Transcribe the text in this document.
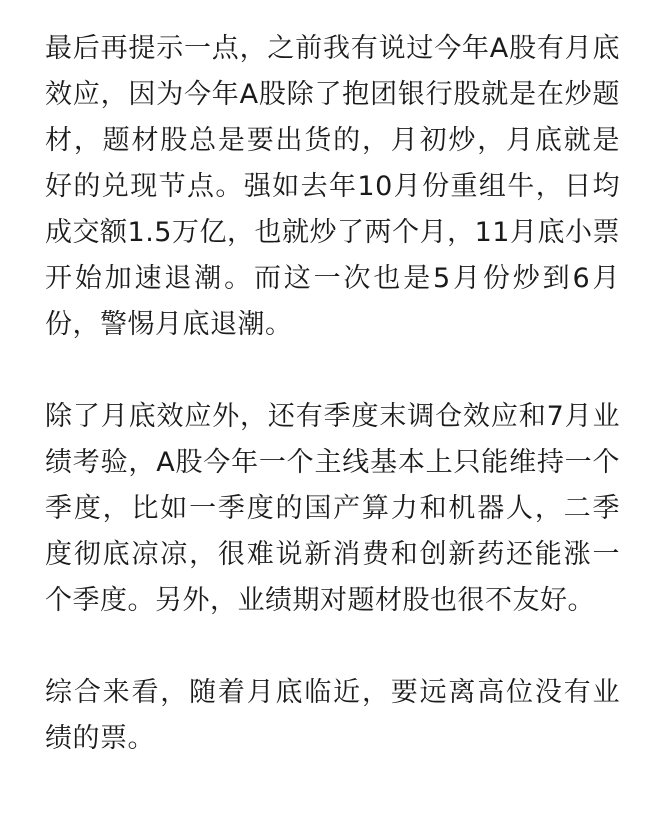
最后再提示一点，之前我有说过今年A股有月底效应，因为今年A股除了抱团银行股就是在炒题材，题材股总是要出货的，月初炒，月底就是好的兑现节点。强如去年10月份重组牛，日均成交额1.5万亿，也就炒了两个月，11月底小票开始加速退潮。而这一次也是5月份炒到6月份，警惕月底退潮。

除了月底效应外，还有季度末调仓效应和7月业绩考验，A股今年一个主线基本上只能维持一个季度，比如一季度的国产算力和机器人，二季度彻底凉凉，很难说新消费和创新药还能涨一个季度。另外，业绩期对题材股也很不友好。

综合来看，随着月底临近，要远离高位没有业绩的票。
